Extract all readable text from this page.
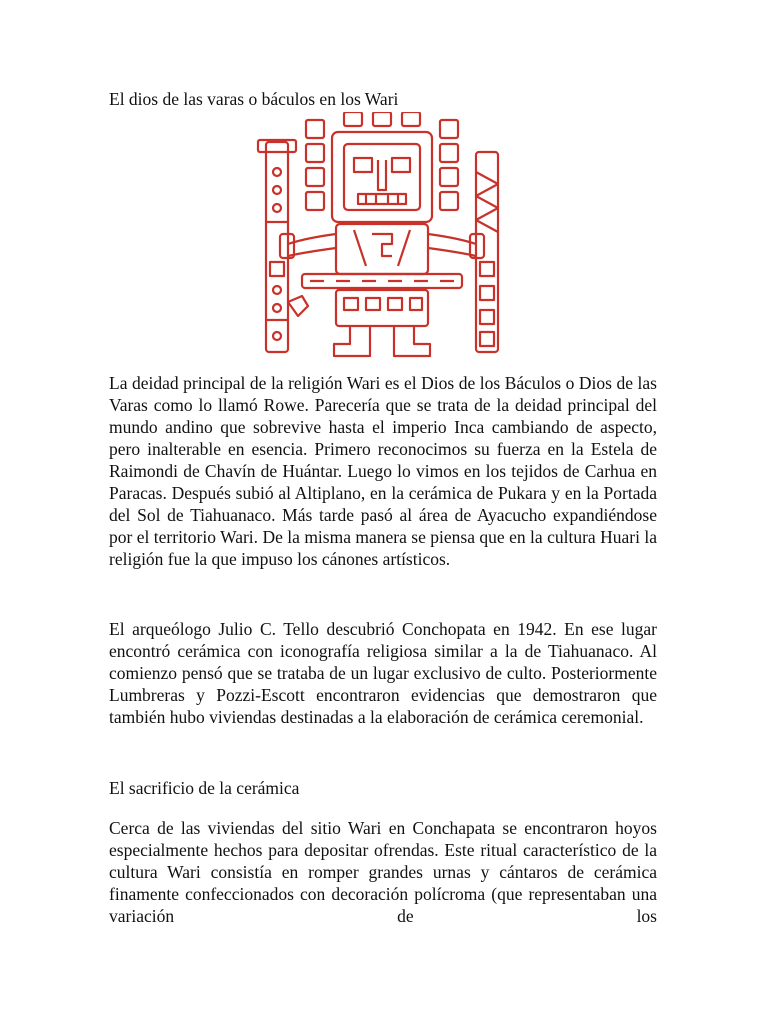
El dios de las varas o báculos en los Wari

La deidad principal de la religión Wari es el Dios de los Báculos o Dios de las Varas como lo llamó Rowe. Parecería que se trata de la deidad principal del mundo andino que sobrevive hasta el imperio Inca cambiando de aspecto, pero inalterable en esencia. Primero reconocimos su fuerza en la Estela de Raimondi de Chavín de Huántar. Luego lo vimos en los tejidos de Carhua en Paracas. Después subió al Altiplano, en la cerámica de Pukara y en la Portada del Sol de Tiahuanaco. Más tarde pasó al área de Ayacucho expandiéndose por el territorio Wari. De la misma manera se piensa que en la cultura Huari la religión fue la que impuso los cánones artísticos.

El arqueólogo Julio C. Tello descubrió Conchopata en 1942. En ese lugar encontró cerámica con iconografía religiosa similar a la de Tiahuanaco. Al comienzo pensó que se trataba de un lugar exclusivo de culto. Posteriormente Lumbreras y Pozzi-Escott encontraron evidencias que demostraron que también hubo viviendas destinadas a la elaboración de cerámica ceremonial.

El sacrificio de la cerámica

Cerca de las viviendas del sitio Wari en Conchapata se encontraron hoyos especialmente hechos para depositar ofrendas. Este ritual característico de la cultura Wari consistía en romper grandes urnas y cántaros de cerámica finamente confeccionados con decoración polícroma (que representaban una variación de los
